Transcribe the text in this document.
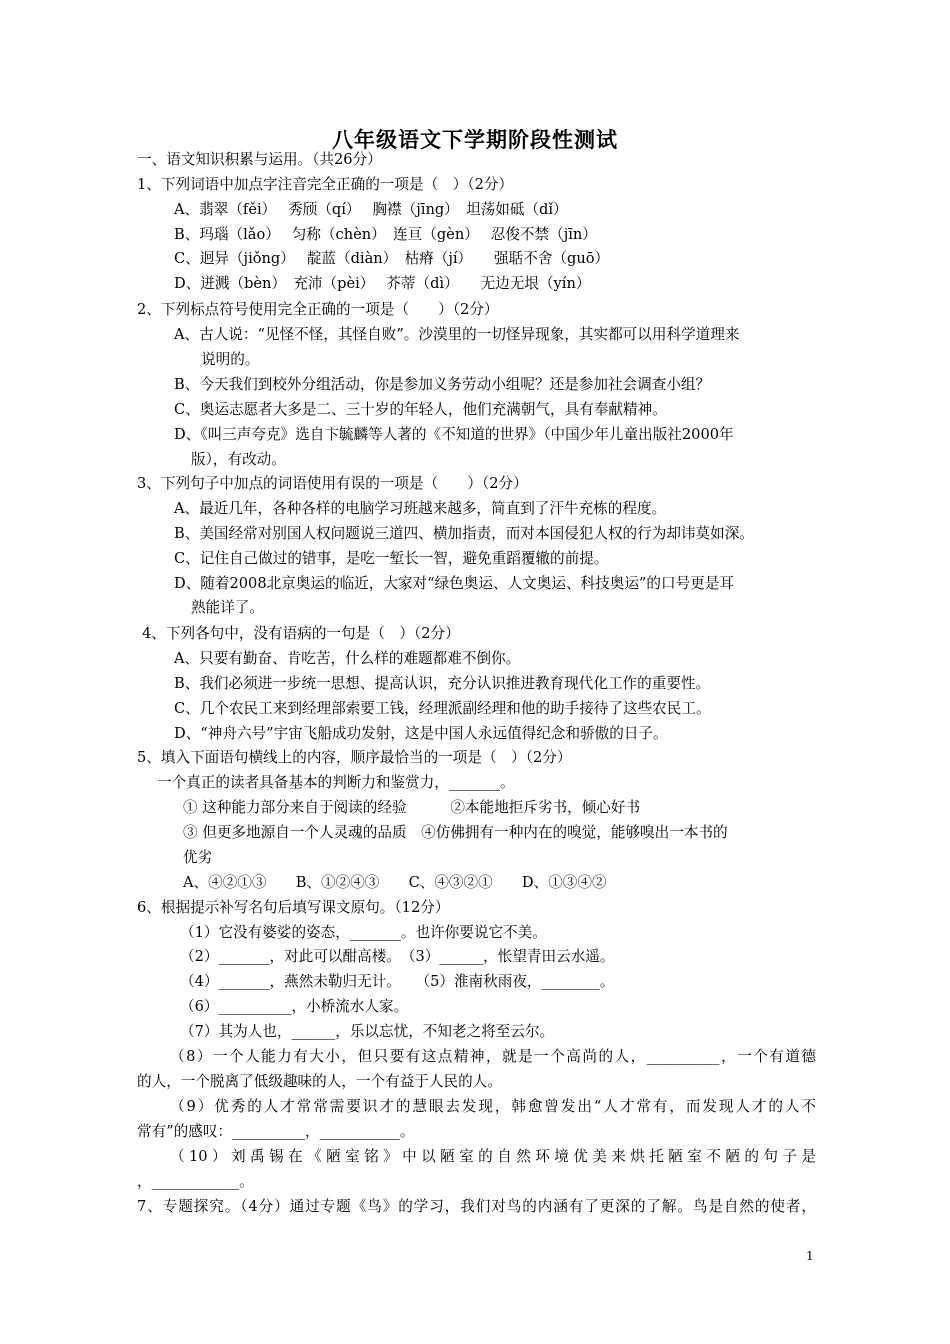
八年级语文下学期阶段性测试
一、语文知识积累与运用。（共26分）
1、下列词语中加点字注音完全正确的一项是（　）（2分）
A、翡翠（fěi）　 秀颀（qí）　 胸襟（jīng）　坦荡如砥（dǐ）
B、玛瑙（lǎo）　 匀称（chèn）　连亘（gèn）　 忍俊不禁（jīn）
C、迥异（jiǒng）　 靛蓝（diàn）　枯瘠（jí）　　强聒不舍（guō）
D、迸溅（bèn）　充沛（pèi）　 芥蒂（dì）　　无边无垠（yín）
2、下列标点符号使用完全正确的一项是（　　）（2分）
A、古人说：“见怪不怪，其怪自败”。沙漠里的一切怪异现象，其实都可以用科学道理来
说明的。
B、今天我们到校外分组活动，你是参加义务劳动小组呢？还是参加社会调查小组？
C、奥运志愿者大多是二、三十岁的年轻人，他们充满朝气，具有奉献精神。
D、《叫三声夸克》选自卞毓麟等人著的《不知道的世界》（中国少年儿童出版社2000年
版），有改动。
3、下列句子中加点的词语使用有误的一项是（　　）（2分）
A、最近几年，各种各样的电脑学习班越来越多，简直到了汗牛充栋的程度。
B、美国经常对别国人权问题说三道四、横加指责，而对本国侵犯人权的行为却讳莫如深。
C、记住自己做过的错事，是吃一堑长一智，避免重蹈覆辙的前提。
D、随着2008北京奥运的临近，大家对“绿色奥运、人文奥运、科技奥运”的口号更是耳
熟能详了。
4、下列各句中，没有语病的一句是（　）（2分）
A、只要有勤奋、肯吃苦，什么样的难题都难不倒你。
B、我们必须进一步统一思想、提高认识，充分认识推进教育现代化工作的重要性。
C、几个农民工来到经理部索要工钱，经理派副经理和他的助手接待了这些农民工。
D、“神舟六号”宇宙飞船成功发射，这是中国人永远值得纪念和骄傲的日子。
5、填入下面语句横线上的内容，顺序最恰当的一项是（　）（2分）
一个真正的读者具备基本的判断力和鉴赏力，_______。
① 这种能力部分来自于阅读的经验　　　②本能地拒斥劣书，倾心好书
③ 但更多地源自一个人灵魂的品质　④仿佛拥有一种内在的嗅觉，能够嗅出一本书的
优劣
A、④②①③　　B、①②④③　　C、④③②①　　D、①③④②
6、根据提示补写名句后填写课文原句。（12分）
（1）它没有婆娑的姿态，_______。也许你要说它不美。
（2）_______，对此可以酣高楼。　（3）______，怅望青田云水遥。
（4）_______，燕然未勒归无计。　　（5）淮南秋雨夜，________。
（6）__________，小桥流水人家。
（7）其为人也，______，乐以忘忧，不知老之将至云尔。
（8）一个人能力有大小，但只要有这点精神，就是一个高尚的人，__________，一个有道德
的人，一个脱离了低级趣味的人，一个有益于人民的人。
（9）优秀的人才常常需要识才的慧眼去发现，韩愈曾发出“人才常有，而发现人才的人不
常有”的感叹：__________，___________。
（10）刘禹锡在《陋室铭》中以陋室的自然环境优美来烘托陋室不陋的句子是
，____________。
7、专题探究。（4分）通过专题《鸟》的学习，我们对鸟的内涵有了更深的了解。鸟是自然的使者，
1
